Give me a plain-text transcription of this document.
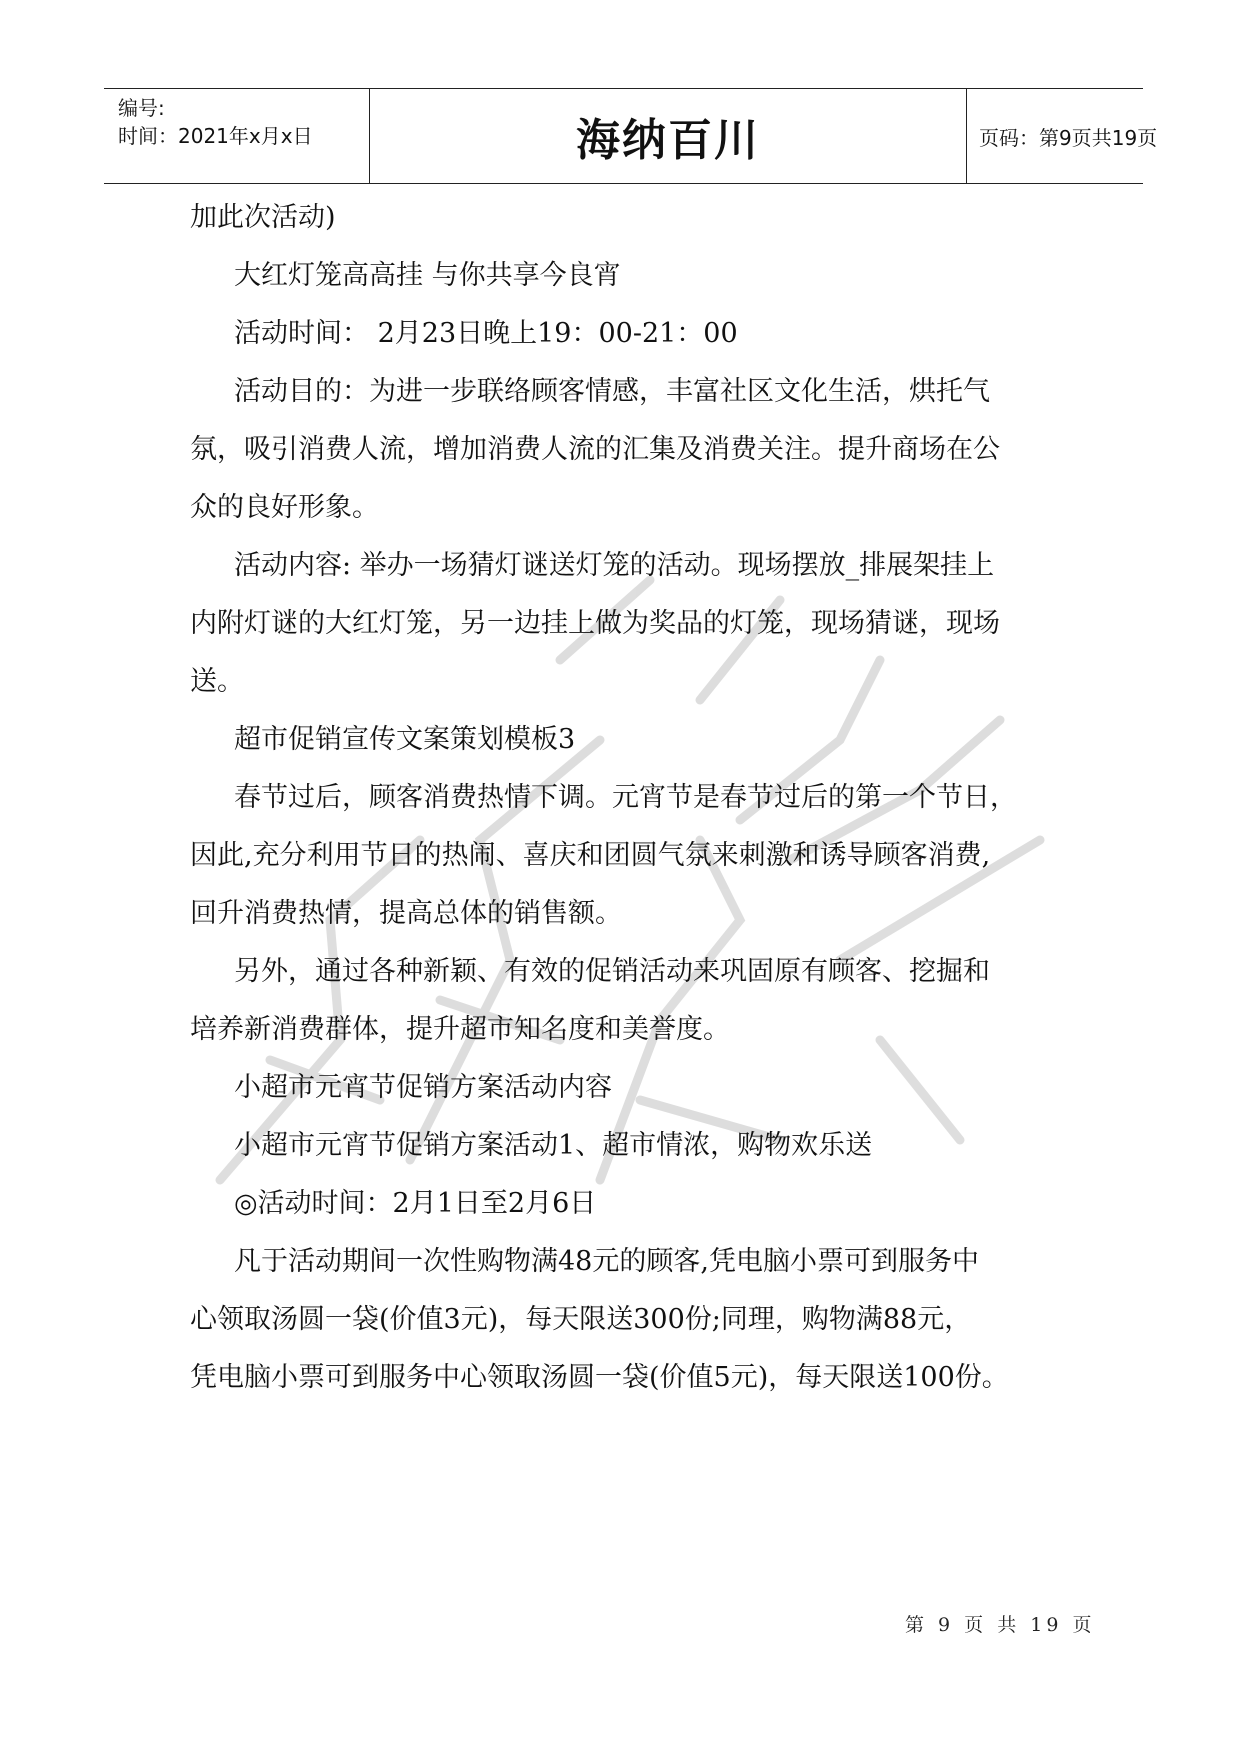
编号:
时间：2021年x月x日	海纳百川	页码：第9页共19页
加此次活动)
大红灯笼高高挂 与你共享今良宵
活动时间： 2月23日晚上19：00-21：00
活动目的：为进一步联络顾客情感，丰富社区文化生活，烘托气
氛，吸引消费人流，增加消费人流的汇集及消费关注。提升商场在公
众的良好形象。
活动内容: 举办一场猜灯谜送灯笼的活动。现场摆放_排展架挂上
内附灯谜的大红灯笼，另一边挂上做为奖品的灯笼，现场猜谜，现场
送。
超市促销宣传文案策划模板3
春节过后，顾客消费热情下调。元宵节是春节过后的第一个节日，
因此,充分利用节日的热闹、喜庆和团圆气氛来刺激和诱导顾客消费,
回升消费热情，提高总体的销售额。
另外，通过各种新颖、有效的促销活动来巩固原有顾客、挖掘和
培养新消费群体，提升超市知名度和美誉度。
小超市元宵节促销方案活动内容
小超市元宵节促销方案活动1、超市情浓，购物欢乐送
◎活动时间：2月1日至2月6日
凡于活动期间一次性购物满48元的顾客,凭电脑小票可到服务中
心领取汤圆一袋(价值3元)，每天限送300份;同理，购物满88元，
凭电脑小票可到服务中心领取汤圆一袋(价值5元)，每天限送100份。
第 9 页 共 19 页
